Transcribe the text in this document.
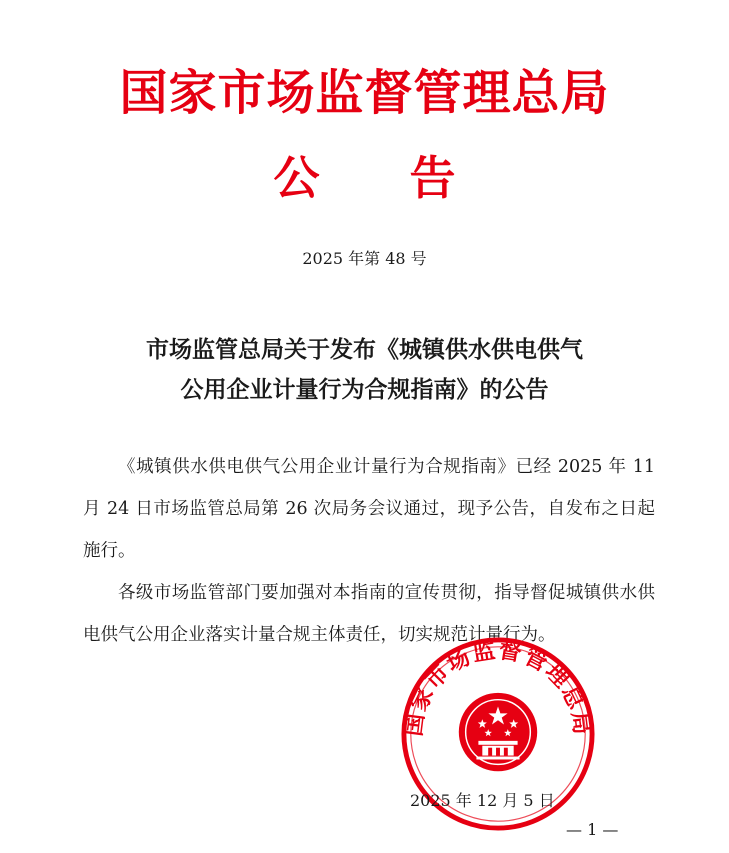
国家市场监督管理总局
公告
2025 年第 48 号
市场监管总局关于发布《城镇供水供电供气
公用企业计量行为合规指南》的公告

《城镇供水供电供气公用企业计量行为合规指南》已经 2025 年 11 月 24 日市场监管总局第 26 次局务会议通过，现予公告，自发布之日起施行。

各级市场监管部门要加强对本指南的宣传贯彻，指导督促城镇供水供电供气公用企业落实计量合规主体责任，切实规范计量行为。

国家市场监督管理总局
2025 年 12 月 5 日
— 1 —
